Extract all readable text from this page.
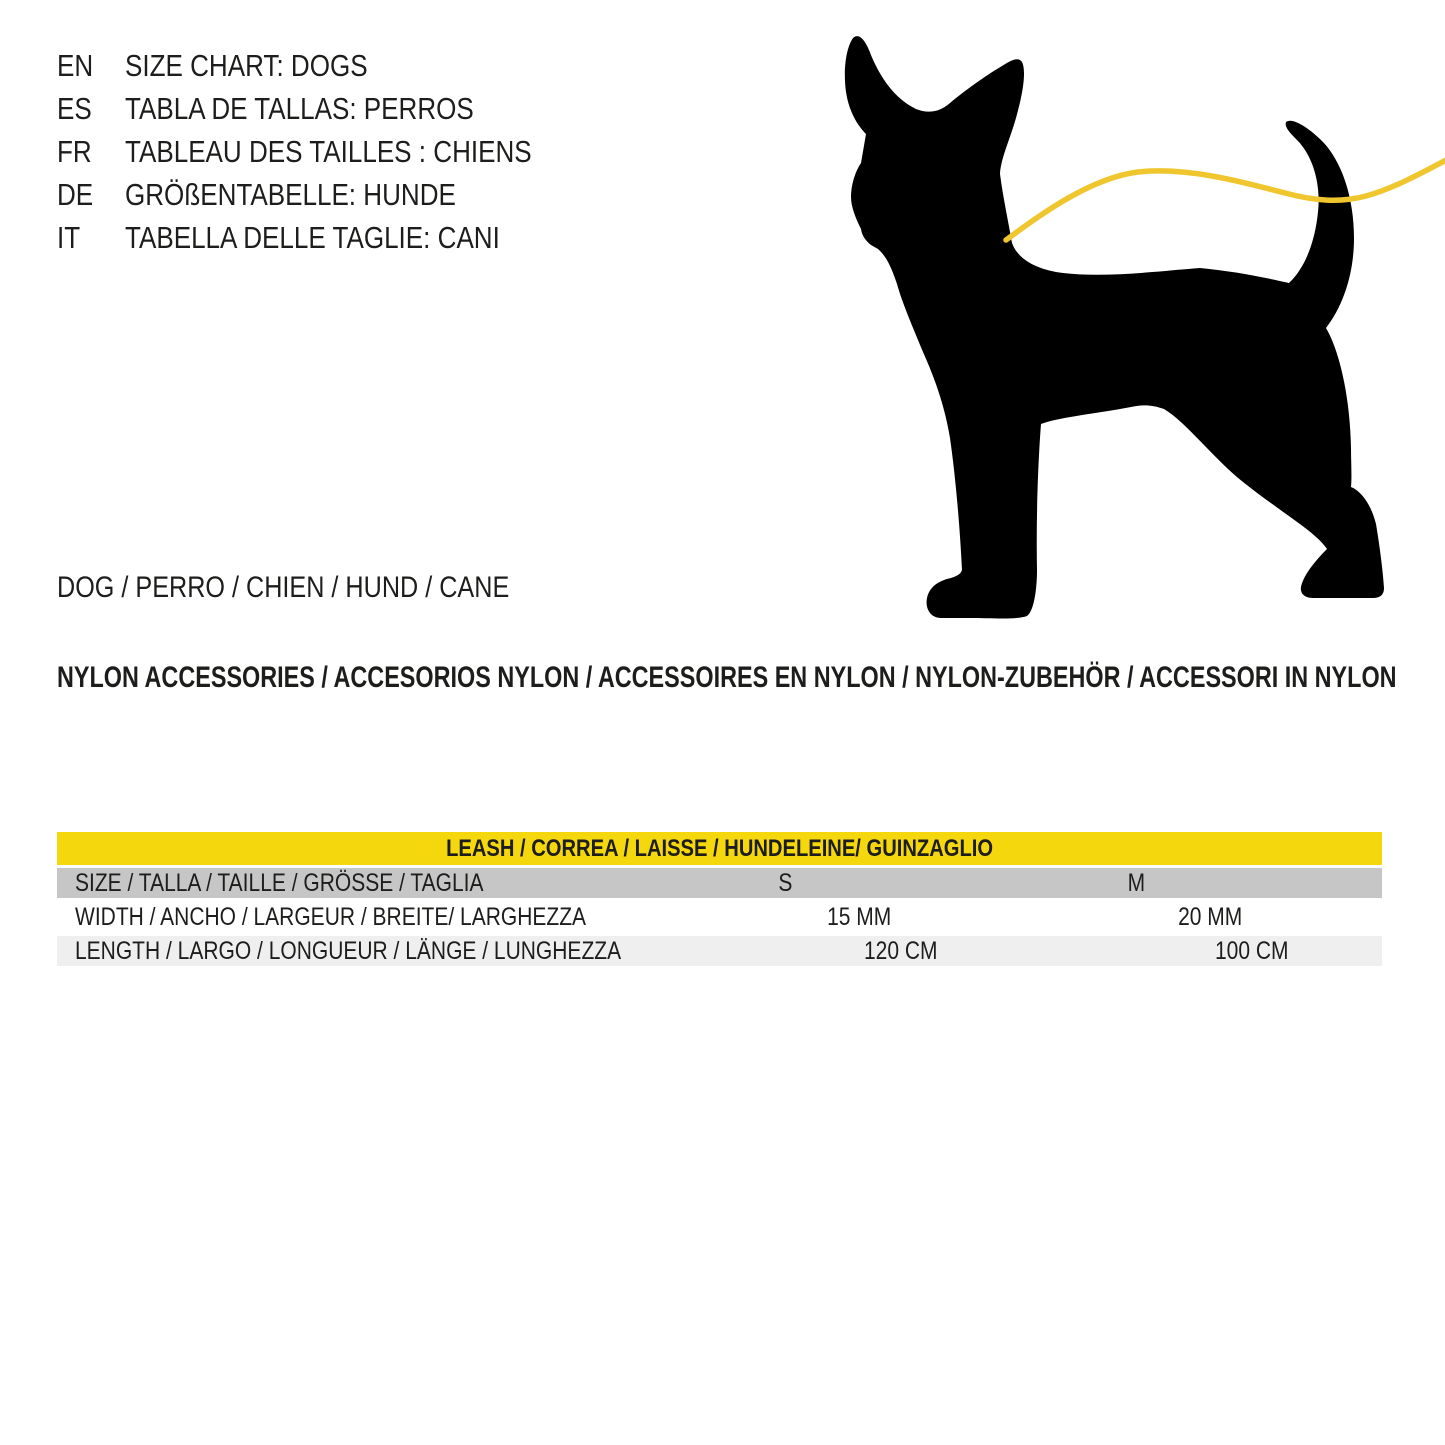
EN	SIZE CHART: DOGS
ES	TABLA DE TALLAS: PERROS
FR	TABLEAU DES TAILLES : CHIENS
DE	GRÖßENTABELLE: HUNDE
IT	TABELLA DELLE TAGLIE: CANI
DOG / PERRO / CHIEN / HUND / CANE
NYLON ACCESSORIES / ACCESORIOS NYLON / ACCESSOIRES EN NYLON / NYLON-ZUBEHÖR / ACCESSORI IN NYLON
LEASH / CORREA / LAISSE / HUNDELEINE/ GUINZAGLIO
SIZE / TALLA / TAILLE / GRÖSSE / TAGLIA	S	M
WIDTH / ANCHO / LARGEUR / BREITE/ LARGHEZZA	15 MM	20 MM
LENGTH / LARGO / LONGUEUR / LÄNGE / LUNGHEZZA	120 CM	100 CM
